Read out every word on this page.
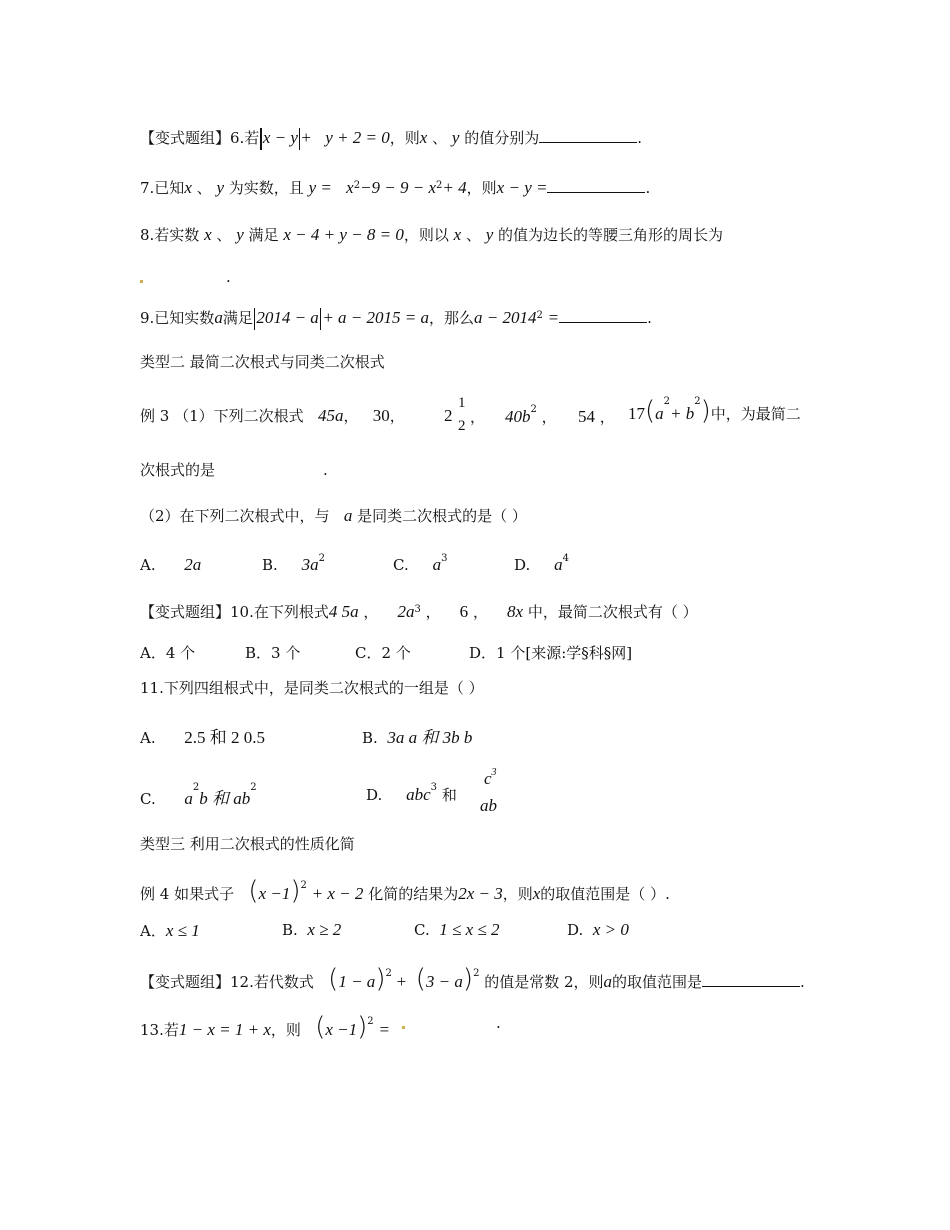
【变式题组】6.若 x − y + y + 2 = 0，则x 、 y 的值分别为	.
7.已知x 、 y 为实数，且 $y = x^2-9 - 9 - x^2+ 4$，则x − y =	.
8.若实数 x 、 y 满足 x − 4 + y − 8 = 0，则以 x 、 y 的值为边长的等腰三角形的周长为
.
9.已知实数a满足 2014 − a + a − 2015 = a，那么$a - 2014^2$ =	.
类型二 最简二次根式与同类二次根式
例 3 （1）下列二次根式 45a， 30，	2
1
2 ， $40b^2$ ， 54 ， $17(a^2+ b^2)$中，为最简二
次根式的是	.
（2）在下列二次根式中，与 a 是同类二次根式的是（ ）
A. 2a	B. $3a^2$	C. $a^3$	D. $a^4$
【变式题组】10.在下列根式4 5a ，    $2a^3$ ，    6 ，    8x 中，最简二次根式有（ ）
A．4 个	B．3 个	C．2 个	D．1 个[来源:学§科§网]
11.下列四组根式中，是同类二次根式的一组是（ ）
A. 2.5 和 2 0.5	B. 3a a 和 3b b
C. $a^2b$ 和 $ab^2$	D. abc$^3$ 和
$c^3$
ab
类型三 利用二次根式的性质化简
例 4 如果式子 $(x -1)^2 + x - 2$ 化简的结果为2x − 3，则x的取值范围是（ ）.
A．x ≤ 1	B. x ≥ 2	C. 1 ≤ x ≤ 2	D. x > 0
【变式题组】12.若代数式 $(1 - a)^2 + (3 - a)^2$ 的值是常数 2，则a的取值范围是	.
13.若1 − x = 1 + x，则 $(x -1)^2$ =	.
